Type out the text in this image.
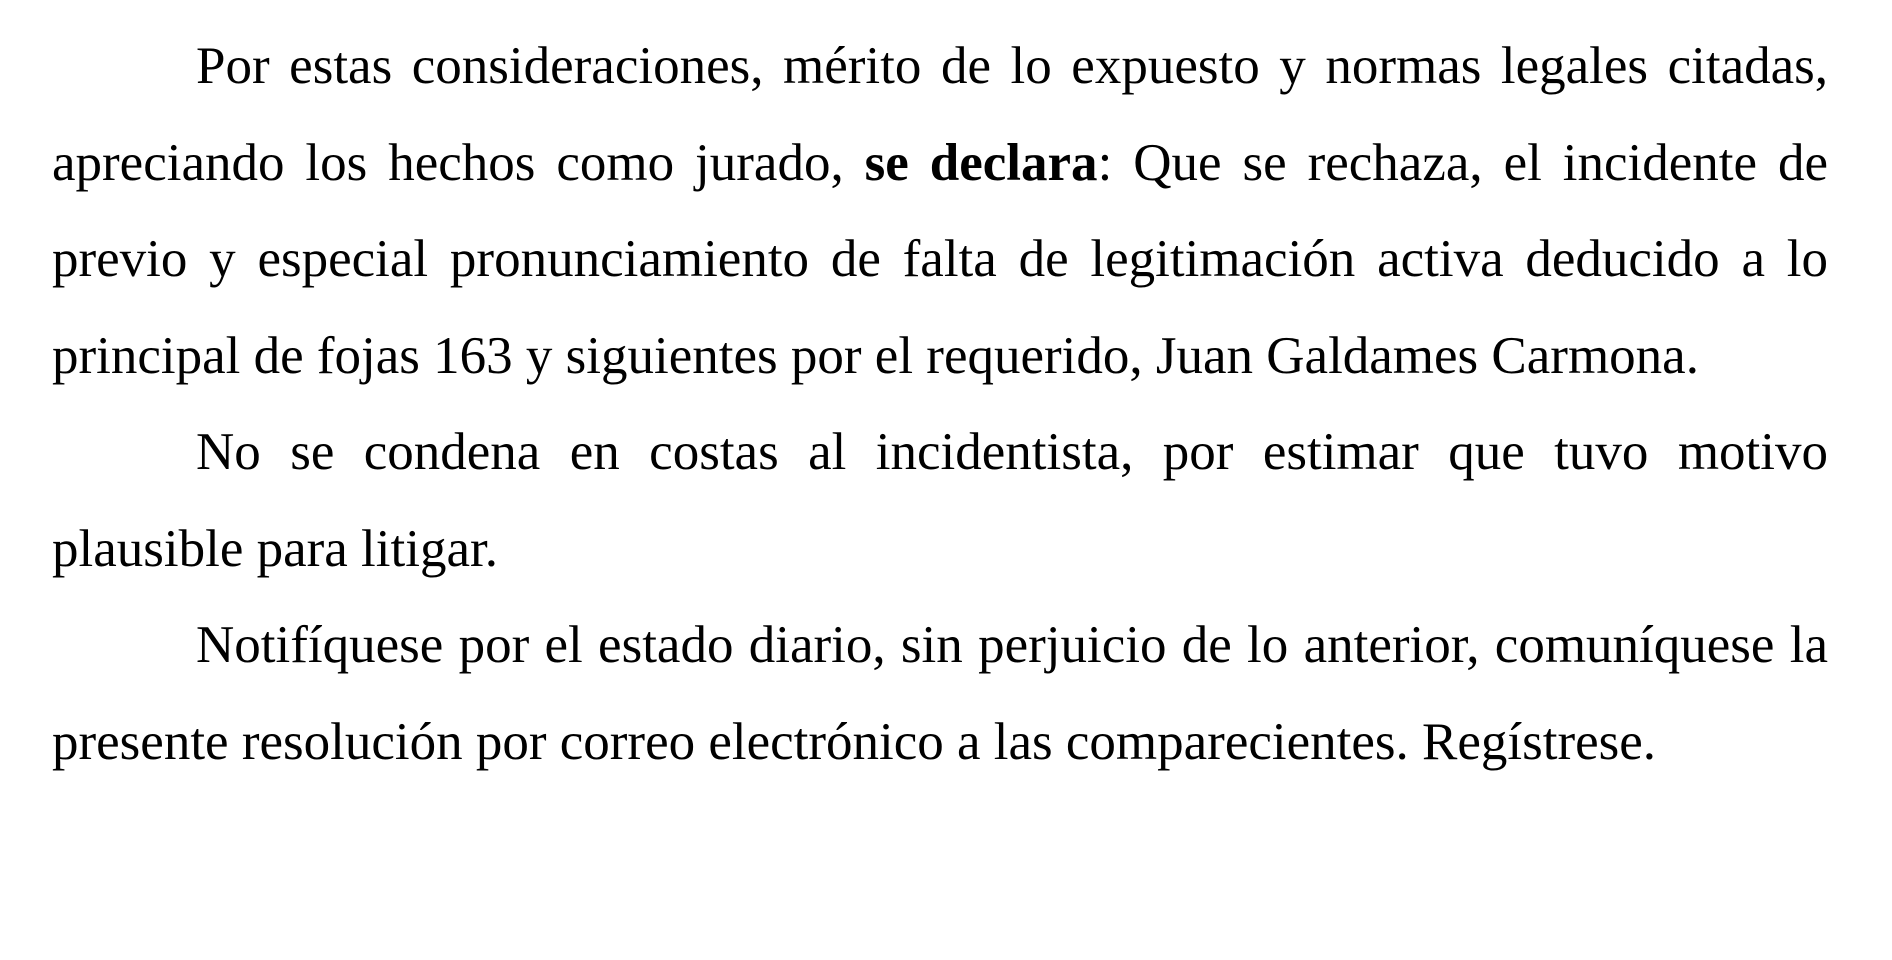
Por estas consideraciones, mérito de lo expuesto y normas legales citadas, apreciando los hechos como jurado, se declara: Que se rechaza, el incidente de previo y especial pronunciamiento de falta de legitimación activa deducido a lo principal de fojas 163 y siguientes por el requerido, Juan Galdames Carmona.

No se condena en costas al incidentista, por estimar que tuvo motivo plausible para litigar.

Notifíquese por el estado diario, sin perjuicio de lo anterior, comuníquese la presente resolución por correo electrónico a las comparecientes. Regístrese.
